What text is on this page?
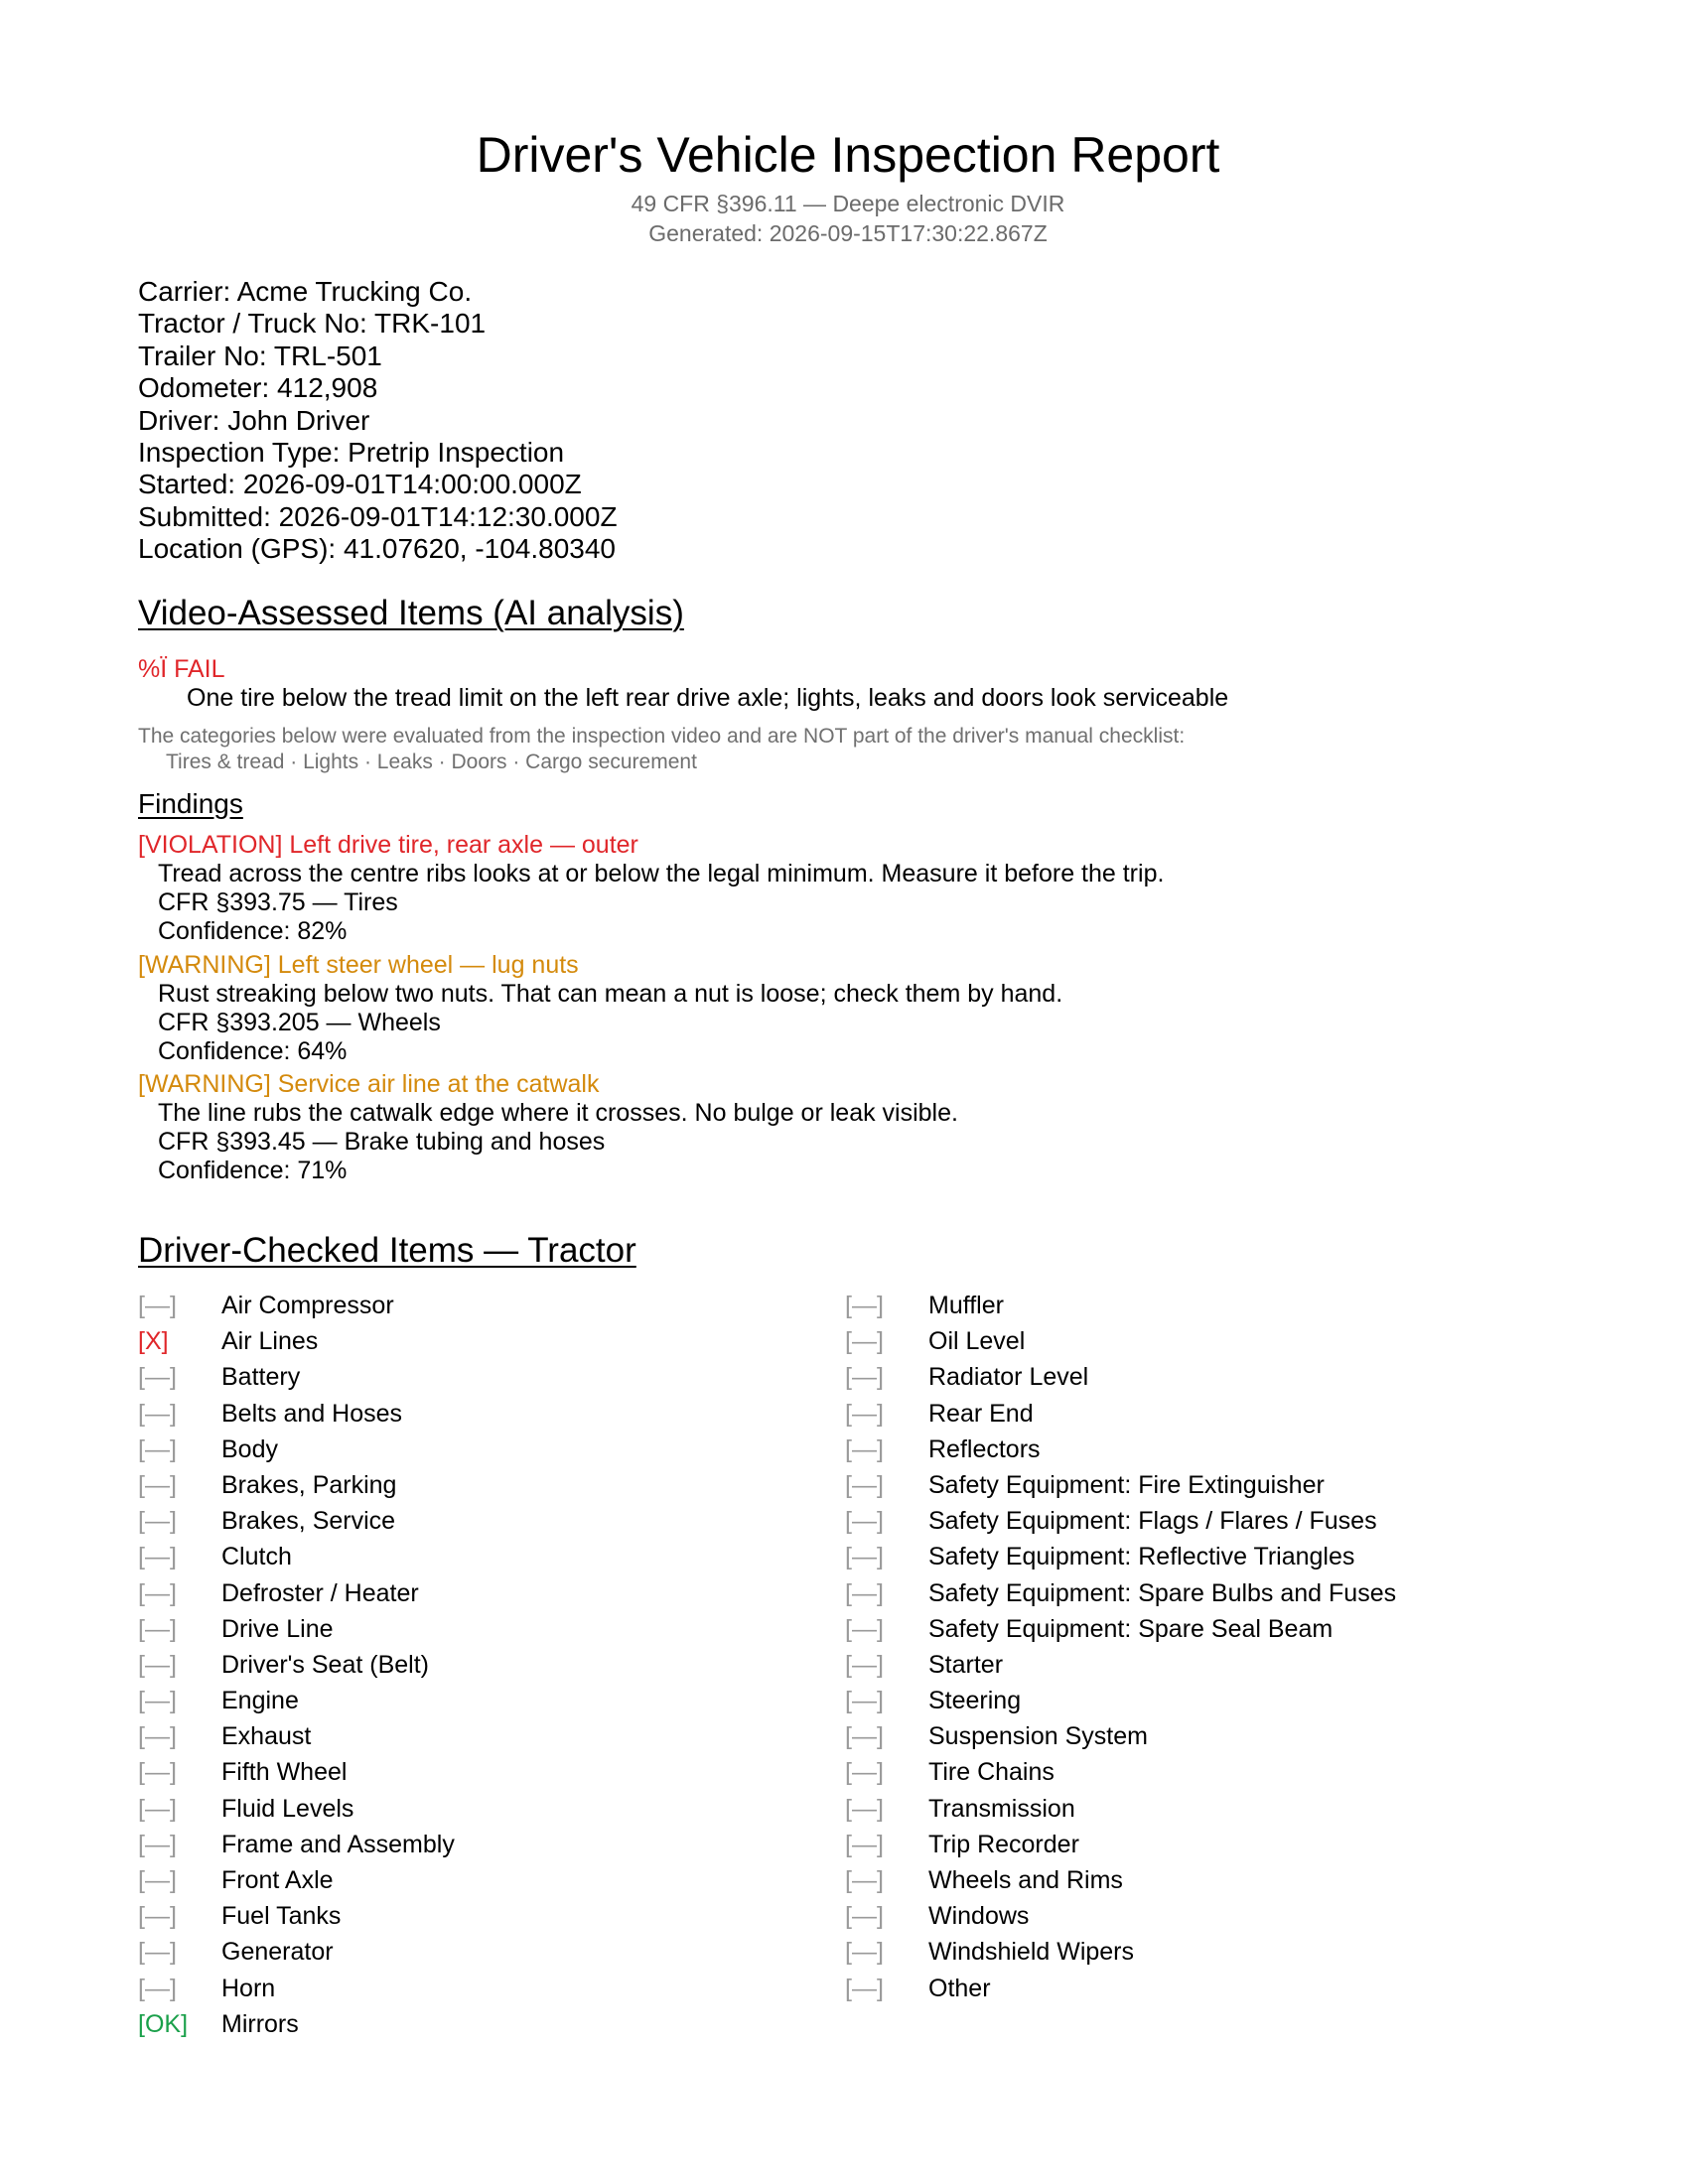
Driver's Vehicle Inspection Report
49 CFR §396.11 — Deepe electronic DVIR
Generated: 2026-09-15T17:30:22.867Z
Carrier: Acme Trucking Co.
Tractor / Truck No: TRK-101
Trailer No: TRL-501
Odometer: 412,908
Driver: John Driver
Inspection Type: Pretrip Inspection
Started: 2026-09-01T14:00:00.000Z
Submitted: 2026-09-01T14:12:30.000Z
Location (GPS): 41.07620, -104.80340
Video-Assessed Items (AI analysis)
%Ï FAIL
One tire below the tread limit on the left rear drive axle; lights, leaks and doors look serviceable
The categories below were evaluated from the inspection video and are NOT part of the driver's manual checklist:
Tires & tread · Lights · Leaks · Doors · Cargo securement
Findings
[VIOLATION] Left drive tire, rear axle — outer
Tread across the centre ribs looks at or below the legal minimum. Measure it before the trip.
CFR §393.75 — Tires
Confidence: 82%
[WARNING] Left steer wheel — lug nuts
Rust streaking below two nuts. That can mean a nut is loose; check them by hand.
CFR §393.205 — Wheels
Confidence: 64%
[WARNING] Service air line at the catwalk
The line rubs the catwalk edge where it crosses. No bulge or leak visible.
CFR §393.45 — Brake tubing and hoses
Confidence: 71%
Driver-Checked Items — Tractor
[—]	Air Compressor
[X]	Air Lines
[—]	Battery
[—]	Belts and Hoses
[—]	Body
[—]	Brakes, Parking
[—]	Brakes, Service
[—]	Clutch
[—]	Defroster / Heater
[—]	Drive Line
[—]	Driver's Seat (Belt)
[—]	Engine
[—]	Exhaust
[—]	Fifth Wheel
[—]	Fluid Levels
[—]	Frame and Assembly
[—]	Front Axle
[—]	Fuel Tanks
[—]	Generator
[—]	Horn
[OK]	Mirrors
[—]	Muffler
[—]	Oil Level
[—]	Radiator Level
[—]	Rear End
[—]	Reflectors
[—]	Safety Equipment: Fire Extinguisher
[—]	Safety Equipment: Flags / Flares / Fuses
[—]	Safety Equipment: Reflective Triangles
[—]	Safety Equipment: Spare Bulbs and Fuses
[—]	Safety Equipment: Spare Seal Beam
[—]	Starter
[—]	Steering
[—]	Suspension System
[—]	Tire Chains
[—]	Transmission
[—]	Trip Recorder
[—]	Wheels and Rims
[—]	Windows
[—]	Windshield Wipers
[—]	Other
